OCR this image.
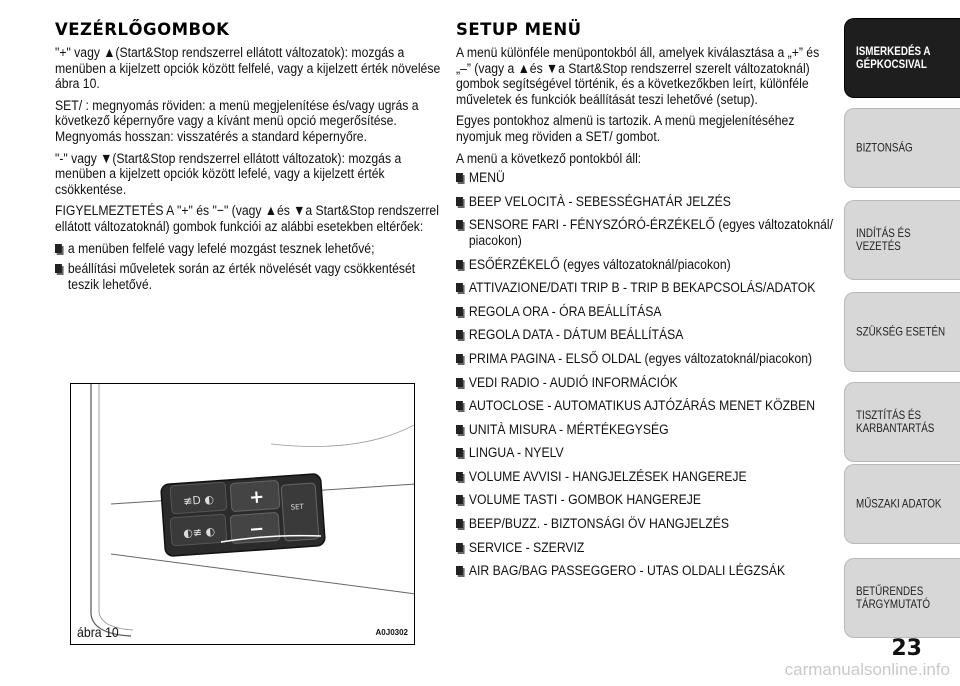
VEZÉRLŐGOMBOK

"+" vagy ▲(Start&Stop rendszerrel ellátott változatok): mozgás a menüben a kijelzett opciók között felfelé, vagy a kijelzett érték növelése ábra 10.

SET/ : megnyomás röviden: a menü megjelenítése és/vagy ugrás a következő képernyőre vagy a kívánt menü opció megerősítése. Megnyomás hosszan: visszatérés a standard képernyőre.

"-" vagy ▼(Start&Stop rendszerrel ellátott változatok): mozgás a menüben a kijelzett opciók között lefelé, vagy a kijelzett érték csökkentése.

FIGYELMEZTETÉS A "+" és "−" (vagy ▲és ▼a Start&Stop rendszerrel ellátott változatoknál) gombok funkciói az alábbi esetekben eltérőek:

a menüben felfelé vagy lefelé mozgást tesznek lehetővé;
beállítási műveletek során az érték növelését vagy csökkentését teszik lehetővé.
≢D ◐
◐≢ ◐
+
−
SET
ábra 10	A0J0302
SETUP MENÜ

A menü különféle menüpontokból áll, amelyek kiválasztása a „+” és „–” (vagy a ▲és ▼a Start&Stop rendszerrel szerelt változatoknál) gombok segítségével történik, és a következőkben leírt, különféle műveletek és funkciók beállítását teszi lehetővé (setup).

Egyes pontokhoz almenü is tartozik. A menü megjelenítéséhez nyomjuk meg röviden a SET/ gombot.

A menü a következő pontokból áll:

MENÜ
BEEP VELOCITÀ - SEBESSÉGHATÁR JELZÉS
SENSORE FARI - FÉNYSZÓRÓ-ÉRZÉKELŐ (egyes változatoknál/ piacokon)
ESŐÉRZÉKELŐ (egyes változatoknál/piacokon)
ATTIVAZIONE/DATI TRIP B - TRIP B BEKAPCSOLÁS/ADATOK
REGOLA ORA - ÓRA BEÁLLÍTÁSA
REGOLA DATA - DÁTUM BEÁLLÍTÁSA
PRIMA PAGINA - ELSŐ OLDAL (egyes változatoknál/piacokon)
VEDI RADIO - AUDIÓ INFORMÁCIÓK
AUTOCLOSE - AUTOMATIKUS AJTÓZÁRÁS MENET KÖZBEN
UNITÀ MISURA - MÉRTÉKEGYSÉG
LINGUA - NYELV
VOLUME AVVISI - HANGJELZÉSEK HANGEREJE
VOLUME TASTI - GOMBOK HANGEREJE
BEEP/BUZZ. - BIZTONSÁGI ÖV HANGJELZÉS
SERVICE - SZERVIZ
AIR BAG/BAG PASSEGGERO - UTAS OLDALI LÉGZSÁK
ISMERKEDÉS A
GÉPKOCSIVAL
BIZTONSÁG
INDÍTÁS ÉS VEZETÉS
SZÜKSÉG ESETÉN
TISZTÍTÁS ÉS
KARBANTARTÁS
MŰSZAKI ADATOK
BETŰRENDES
TÁRGYMUTATÓ
23
carmanualsonline.info
